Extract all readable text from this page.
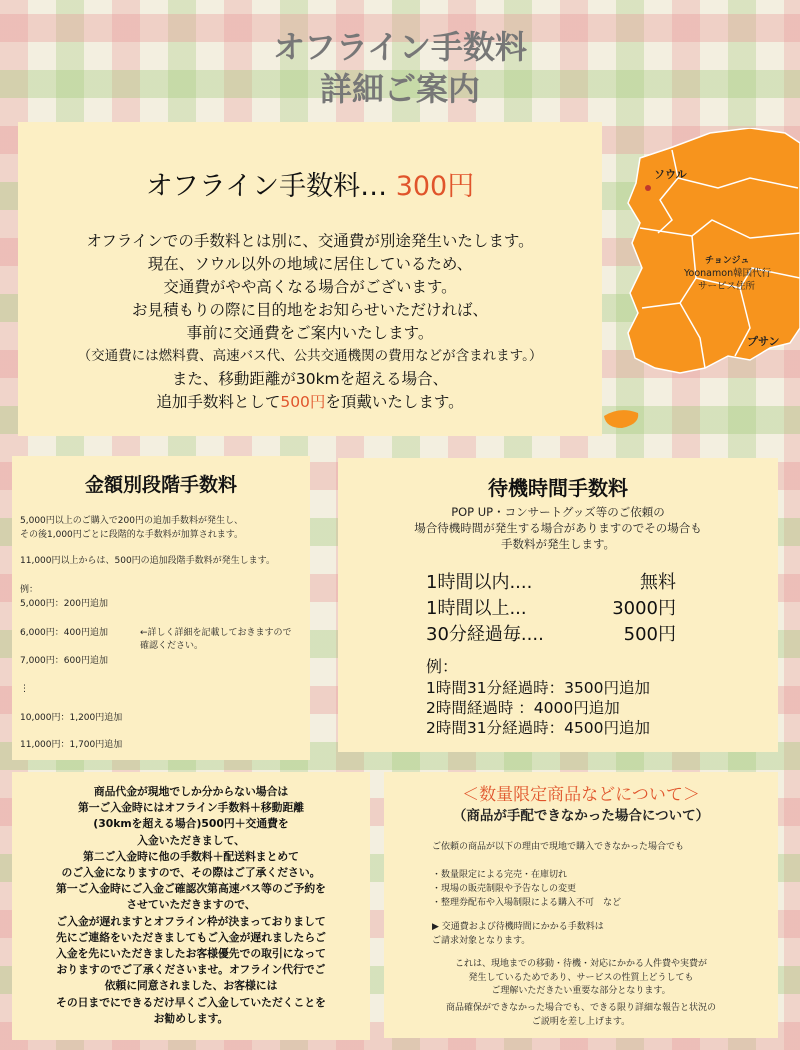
オフライン手数料
詳細ご案内
オフライン手数料… 300円
オフラインでの手数料とは別に、交通費が別途発生いたします。
現在、ソウル以外の地域に居住しているため、
交通費がやや高くなる場合がございます。
お見積もりの際に目的地をお知らせいただければ、
事前に交通費をご案内いたします。
（交通費には燃料費、高速バス代、公共交通機関の費用などが含まれます。）
また、移動距離が30kmを超える場合、
追加手数料として500円を頂戴いたします。
ソウル
チョンジュ
Yoonamon韓国代行
サービス住所
プサン
金額別段階手数料
5,000円以上のご購入で200円の追加手数料が発生し、
その後1,000円ごとに段階的な手数料が加算されます。
11,000円以上からは、500円の追加段階手数料が発生します。
例：
5,000円：200円追加
6,000円：400円追加	←詳しく詳細を記載しておきますので
確認ください。
7,000円：600円追加
⋮
10,000円：1,200円追加
11,000円：1,700円追加
待機時間手数料
POP UP・コンサートグッズ等のご依頼の
場合待機時間が発生する場合がありますのでその場合も
手数料が発生します。
1時間以内....	無料
1時間以上...	3000円
30分経過毎....	500円
例：
1時間31分経過時：3500円追加
2時間経過時 ：4000円追加
2時間31分経過時：4500円追加
商品代金が現地でしか分からない場合は
第一ご入金時にはオフライン手数料＋移動距離
(30kmを超える場合)500円＋交通費を
入金いただきまして、
第二ご入金時に他の手数料＋配送料まとめて
のご入金になりますので、その際はご了承ください。
第一ご入金時にご入金ご確認次第高速バス等のご予約を
させていただきますので、
ご入金が遅れますとオフライン枠が決まっておりまして
先にご連絡をいただきましてもご入金が遅れましたらご
入金を先にいただきましたお客様優先での取引になって
おりますのでご了承くださいませ。オフライン代行でご
依頼に同意されました、お客様には
その日までにできるだけ早くご入金していただくことを
お勧めします。
＜数量限定商品などについて＞
（商品が手配できなかった場合について）
ご依頼の商品が以下の理由で現地で購入できなかった場合でも
・数量限定による完売・在庫切れ
・現場の販売制限や予告なしの変更
・整理券配布や入場制限による購入不可　など
▶ 交通費および待機時間にかかる手数料は
ご請求対象となります。
これは、現地までの移動・待機・対応にかかる人件費や実費が
発生しているためであり、サービスの性質上どうしても
ご理解いただきたい重要な部分となります。
商品確保ができなかった場合でも、できる限り詳細な報告と状況の
ご説明を差し上げます。
